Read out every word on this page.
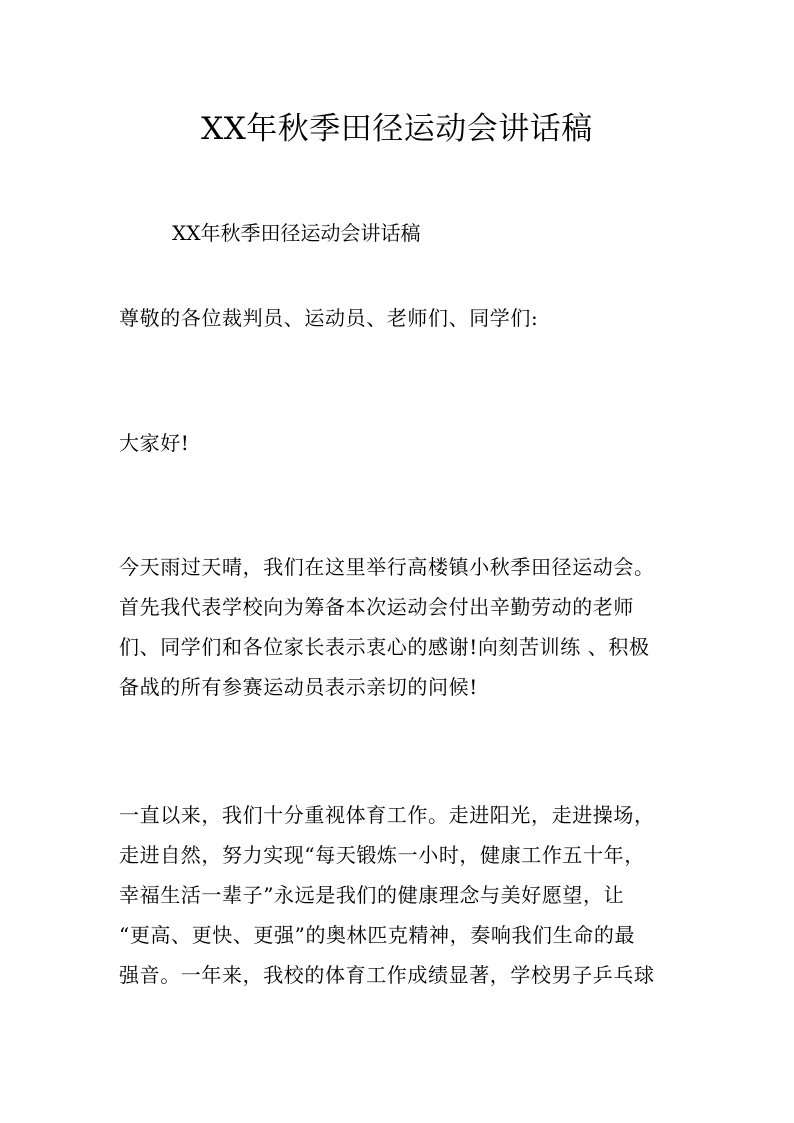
XX年秋季田径运动会讲话稿
XX年秋季田径运动会讲话稿
尊敬的各位裁判员、运动员、老师们、同学们:
大家好!
今天雨过天晴，我们在这里举行高楼镇小秋季田径运动会。
首先我代表学校向为筹备本次运动会付出辛勤劳动的老师
们、同学们和各位家长表示衷心的感谢!向刻苦训练 、积极
备战的所有参赛运动员表示亲切的问候!
一直以来，我们十分重视体育工作。走进阳光，走进操场，
走进自然，努力实现“每天锻炼一小时，健康工作五十年，
幸福生活一辈子”永远是我们的健康理念与美好愿望，让
“更高、更快、更强”的奥林匹克精神，奏响我们生命的最
强音。一年来，我校的体育工作成绩显著，学校男子乒乓球
